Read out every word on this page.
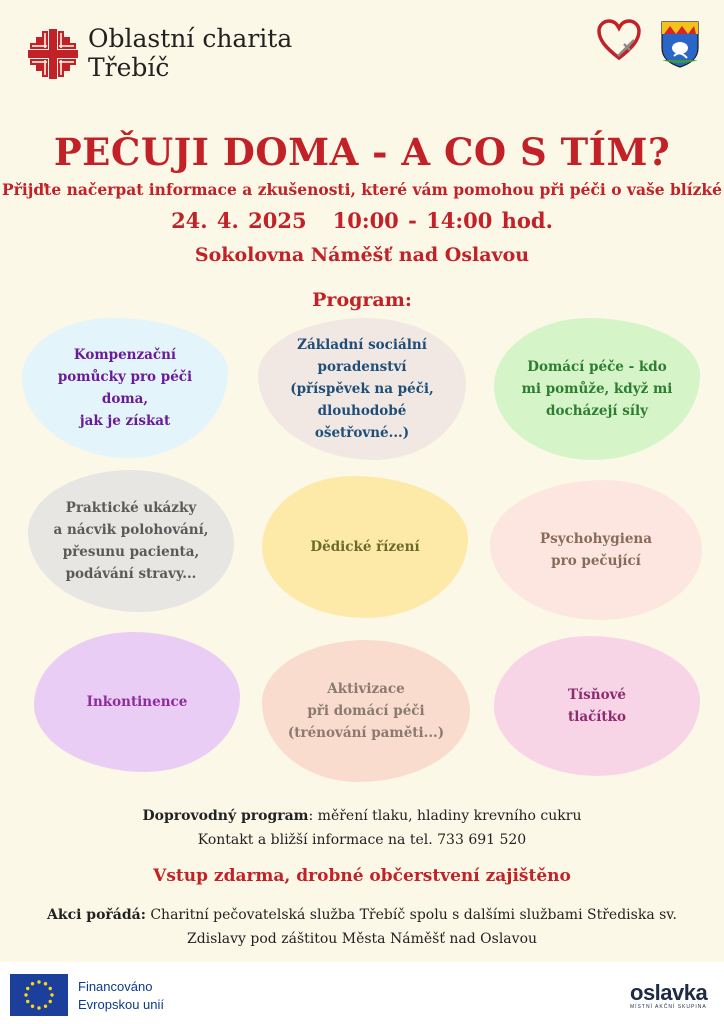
Oblastní charita
Třebíč
PEČUJI DOMA - A CO S TÍM?
Přijďte načerpat informace a zkušenosti, které vám pomohou při péči o vaše blízké
24. 4. 2025 10:00 - 14:00 hod.
Sokolovna Náměšť nad Oslavou
Program:
Kompenzační
pomůcky pro péči
doma,
jak je získat
Základní sociální
poradenství
(příspěvek na péči,
dlouhodobé
ošetřovné...)
Domácí péče - kdo
mi pomůže, když mi
docházejí síly
Praktické ukázky
a nácvik polohování,
přesunu pacienta,
podávání stravy...
Dědické řízení	Psychohygiena
pro pečující
Inkontinence
Aktivizace
při domácí péči
(trénování paměti...)
Tísňové
tlačítko
Doprovodný program: měření tlaku, hladiny krevního cukru
Kontakt a bližší informace na tel. 733 691 520
Vstup zdarma, drobné občerstvení zajištěno
Akci pořádá: Charitní pečovatelská služba Třebíč spolu s dalšími službami Střediska sv. Zdislavy pod záštitou Města Náměšť nad Oslavou
Financováno
Evropskou unií	oslavka
MÍSTNÍ AKČNÍ SKUPINA
